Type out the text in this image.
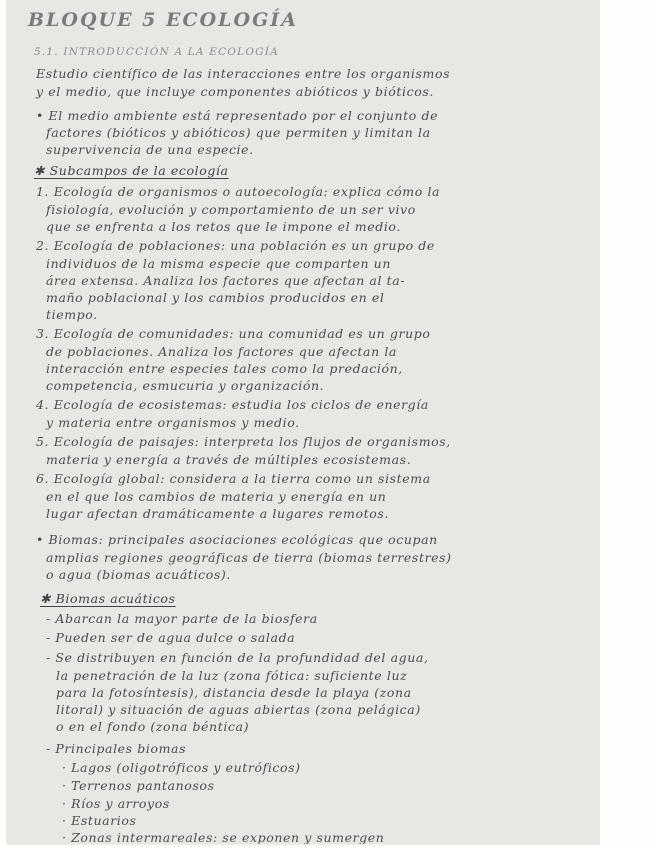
BLOQUE 5 ECOLOGÍA
5.1. INTRODUCCIÓN A LA ECOLOGÍA
Estudio científico de las interacciones entre los organismos
y el medio, que incluye componentes abióticos y bióticos.
• El medio ambiente está representado por el conjunto de
factores (bióticos y abióticos) que permiten y limitan la
supervivencia de una especie.
✱ Subcampos de la ecología
1. Ecología de organismos o autoecología: explica cómo la
fisiología, evolución y comportamiento de un ser vivo
que se enfrenta a los retos que le impone el medio.
2. Ecología de poblaciones: una población es un grupo de
individuos de la misma especie que comparten un
área extensa. Analiza los factores que afectan al ta-
maño poblacional y los cambios producidos en el
tiempo.
3. Ecología de comunidades: una comunidad es un grupo
de poblaciones. Analiza los factores que afectan la
interacción entre especies tales como la predación,
competencia, esmucuria y organización.
4. Ecología de ecosistemas: estudia los ciclos de energía
y materia entre organismos y medio.
5. Ecología de paisajes: interpreta los flujos de organismos,
materia y energía a través de múltiples ecosistemas.
6. Ecología global: considera a la tierra como un sistema
en el que los cambios de materia y energía en un
lugar afectan dramáticamente a lugares remotos.
• Biomas: principales asociaciones ecológicas que ocupan
amplias regiones geográficas de tierra (biomas terrestres)
o agua (biomas acuáticos).
✱ Biomas acuáticos
- Abarcan la mayor parte de la biosfera
- Pueden ser de agua dulce o salada
- Se distribuyen en función de la profundidad del agua,
la penetración de la luz (zona fótica: suficiente luz
para la fotosíntesis), distancia desde la playa (zona
litoral) y situación de aguas abiertas (zona pelágica)
o en el fondo (zona béntica)
- Principales biomas
· Lagos (oligotróficos y eutróficos)
· Terrenos pantanosos
· Ríos y arroyos
· Estuarios
· Zonas intermareales: se exponen y sumergen
